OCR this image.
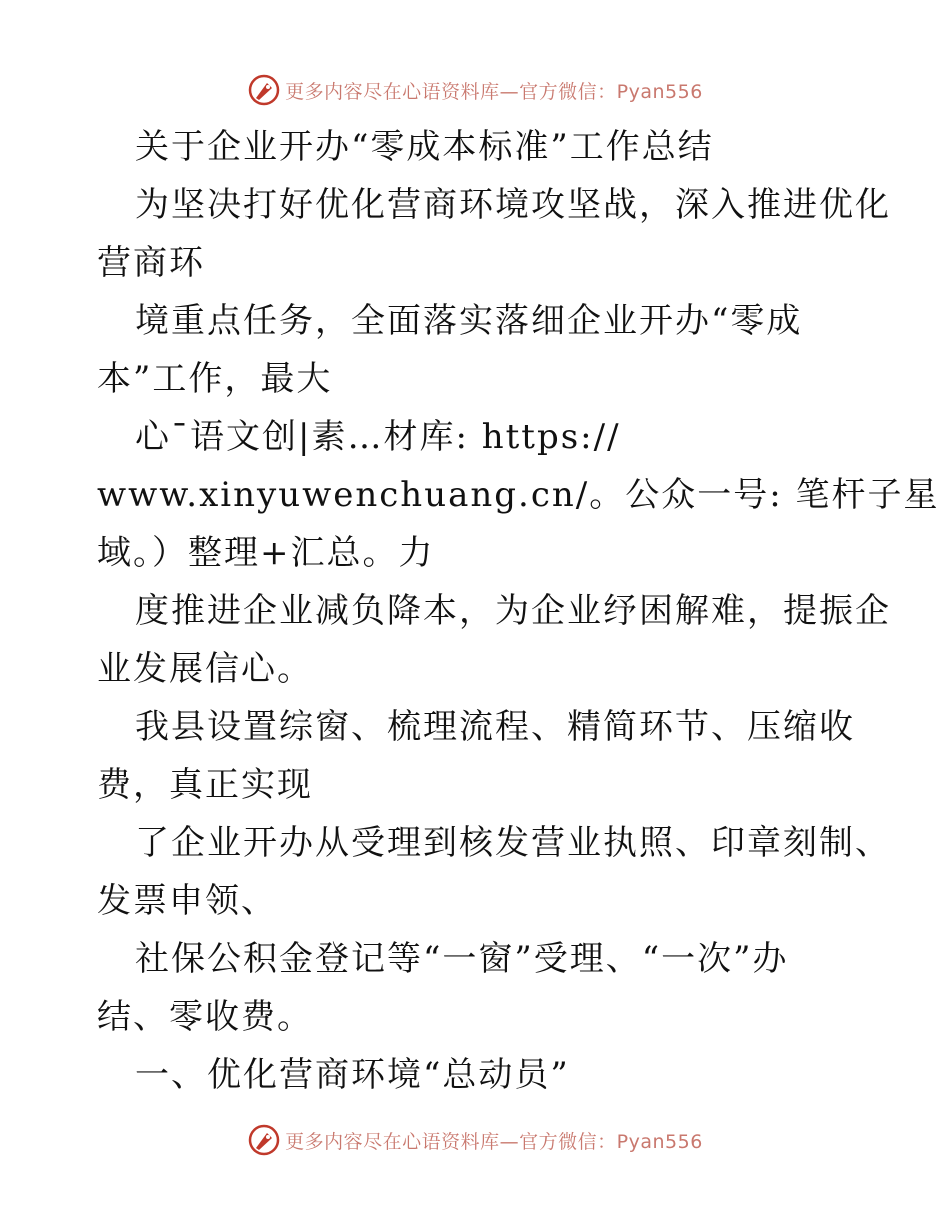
更多内容尽在心语资料库—官方微信：Pyan556
关于企业开办“零成本标准”工作总结
为坚决打好优化营商环境攻坚战，深入推进优化
营商环
境重点任务，全面落实落细企业开办“零成
本”工作，最大
心¯语文创|素…材库: https://
www.xinyuwenchuang.cn/。公众一号: 笔杆子星
域。）整理+汇总。力
度推进企业减负降本，为企业纾困解难，提振企
业发展信心。
我县设置综窗、梳理流程、精简环节、压缩收
费，真正实现
了企业开办从受理到核发营业执照、印章刻制、
发票申领、
社保公积金登记等“一窗”受理、“一次”办
结、零收费。
一、优化营商环境“总动员”
更多内容尽在心语资料库—官方微信：Pyan556
